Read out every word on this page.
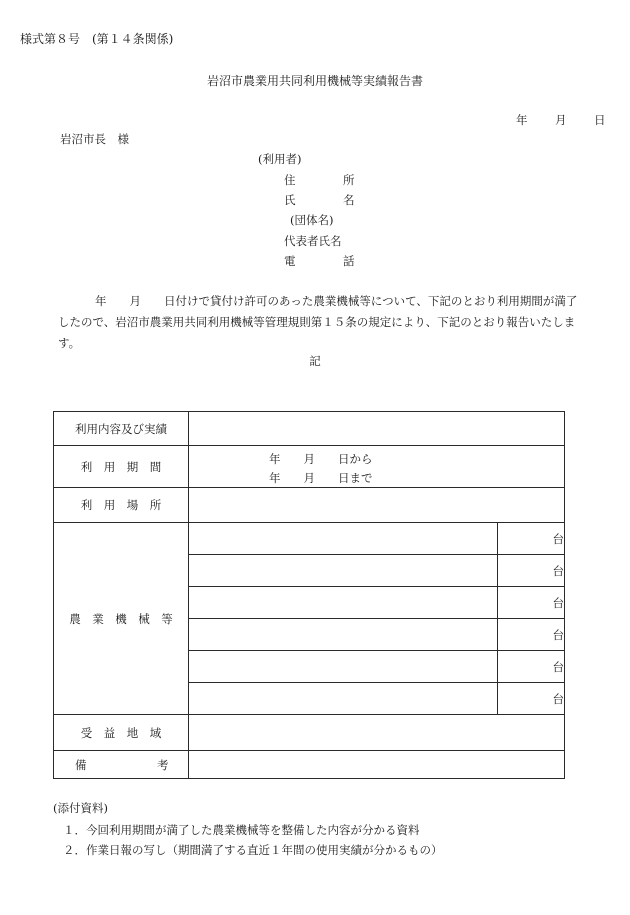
様式第８号　(第１４条関係)
岩沼市農業用共同利用機械等実績報告書
年 月 日
岩沼市長　様
(利用者)
住	所
氏	名
(団体名)
代表者氏名
電	話
年　　月　　日付けで貸付け許可のあった農業機械等について、下記のとおり利用期間が満了
したので、岩沼市農業用共同利用機械等管理規則第１５条の規定により、下記のとおり報告いたしま
す。
記
利用内容及び実績		
利　用　期　間	年　　月　　日から
年　　月　　日まで	

利　用　場　所		
農　業　機　械　等		台
		台
		台
		台
		台
		台
受　益　地　域		

備 考		

(添付資料)
１．今回利用期間が満了した農業機械等を整備した内容が分かる資料
２．作業日報の写し（期間満了する直近１年間の使用実績が分かるもの）
